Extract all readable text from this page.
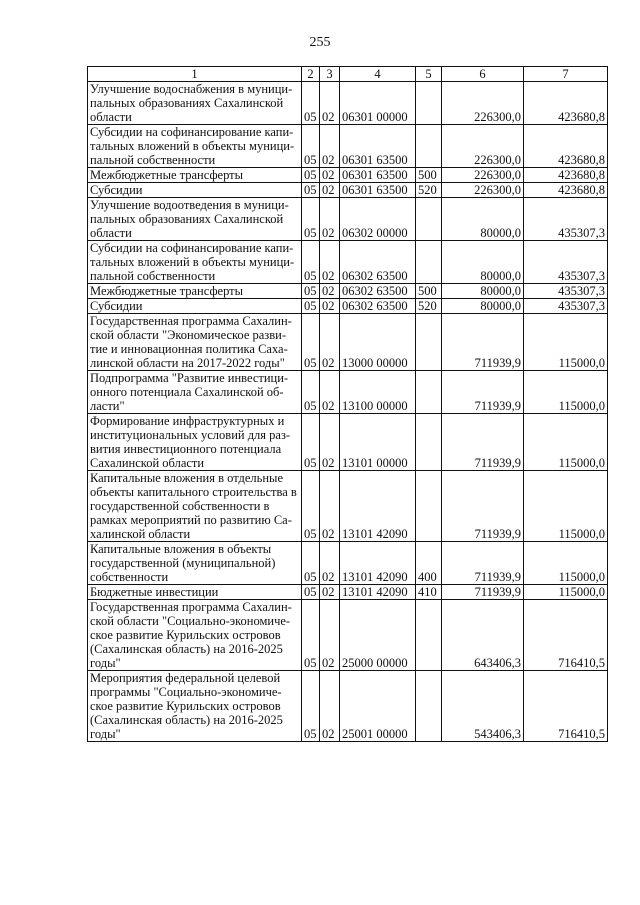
255
1	2	3	4	5	6	7
Улучшение водоснабжения в муници-пальных образованиях Сахалинской области	05	02	06301 00000		226300,0	423680,8
Субсидии на софинансирование капи-тальных вложений в объекты муници-пальной собственности	05	02	06301 63500		226300,0	423680,8
Межбюджетные трансферты	05	02	06301 63500	500	226300,0	423680,8
Субсидии	05	02	06301 63500	520	226300,0	423680,8
Улучшение водоотведения в муници-пальных образованиях Сахалинской области	05	02	06302 00000		80000,0	435307,3
Субсидии на софинансирование капи-тальных вложений в объекты муници-пальной собственности	05	02	06302 63500		80000,0	435307,3
Межбюджетные трансферты	05	02	06302 63500	500	80000,0	435307,3
Субсидии	05	02	06302 63500	520	80000,0	435307,3
Государственная программа Сахалин-ской области "Экономическое разви-тие и инновационная политика Саха-линской области на 2017-2022 годы"	05	02	13000 00000		711939,9	115000,0
Подпрограмма "Развитие инвестици-онного потенциала Сахалинской об-ласти"	05	02	13100 00000		711939,9	115000,0
Формирование инфраструктурных и институциональных условий для раз-вития инвестиционного потенциала Сахалинской области	05	02	13101 00000		711939,9	115000,0
Капитальные вложения в отдельные объекты капитального строительства в государственной собственности в рамках мероприятий по развитию Са-халинской области	05	02	13101 42090		711939,9	115000,0
Капитальные вложения в объекты государственной (муниципальной) собственности	05	02	13101 42090	400	711939,9	115000,0
Бюджетные инвестиции	05	02	13101 42090	410	711939,9	115000,0
Государственная программа Сахалин-ской области "Социально-экономиче-ское развитие Курильских островов (Сахалинская область) на 2016-2025 годы"	05	02	25000 00000		643406,3	716410,5
Мероприятия федеральной целевой программы "Социально-экономиче-ское развитие Курильских островов (Сахалинская область) на 2016-2025 годы"	05	02	25001 00000		543406,3	716410,5
